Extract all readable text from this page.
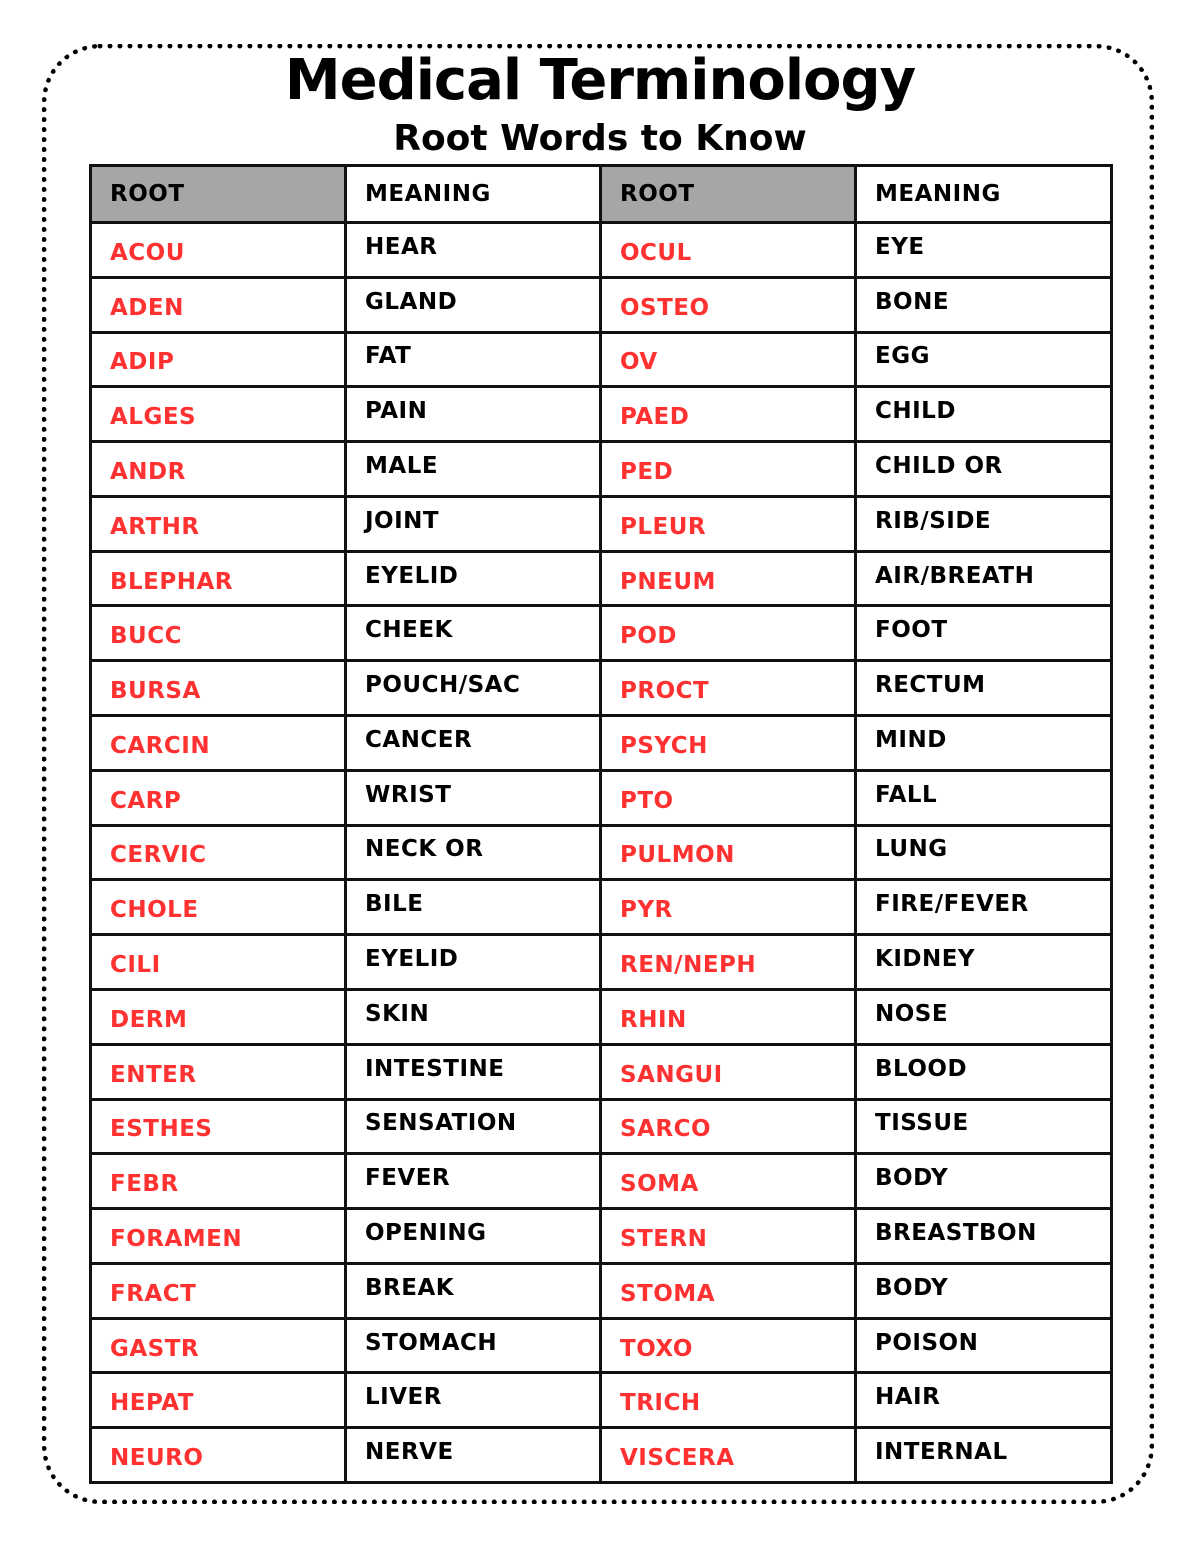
Medical Terminology
Root Words to Know
ROOT	MEANING	ROOT	MEANING
ACOU	HEAR	OCUL	EYE
ADEN	GLAND	OSTEO	BONE
ADIP	FAT	OV	EGG
ALGES	PAIN	PAED	CHILD
ANDR	MALE	PED	CHILD OR
ARTHR	JOINT	PLEUR	RIB/SIDE
BLEPHAR	EYELID	PNEUM	AIR/BREATH
BUCC	CHEEK	POD	FOOT
BURSA	POUCH/SAC	PROCT	RECTUM
CARCIN	CANCER	PSYCH	MIND
CARP	WRIST	PTO	FALL
CERVIC	NECK OR	PULMON	LUNG
CHOLE	BILE	PYR	FIRE/FEVER
CILI	EYELID	REN/NEPH	KIDNEY
DERM	SKIN	RHIN	NOSE
ENTER	INTESTINE	SANGUI	BLOOD
ESTHES	SENSATION	SARCO	TISSUE
FEBR	FEVER	SOMA	BODY
FORAMEN	OPENING	STERN	BREASTBON
FRACT	BREAK	STOMA	BODY
GASTR	STOMACH	TOXO	POISON
HEPAT	LIVER	TRICH	HAIR
NEURO	NERVE	VISCERA	INTERNAL
